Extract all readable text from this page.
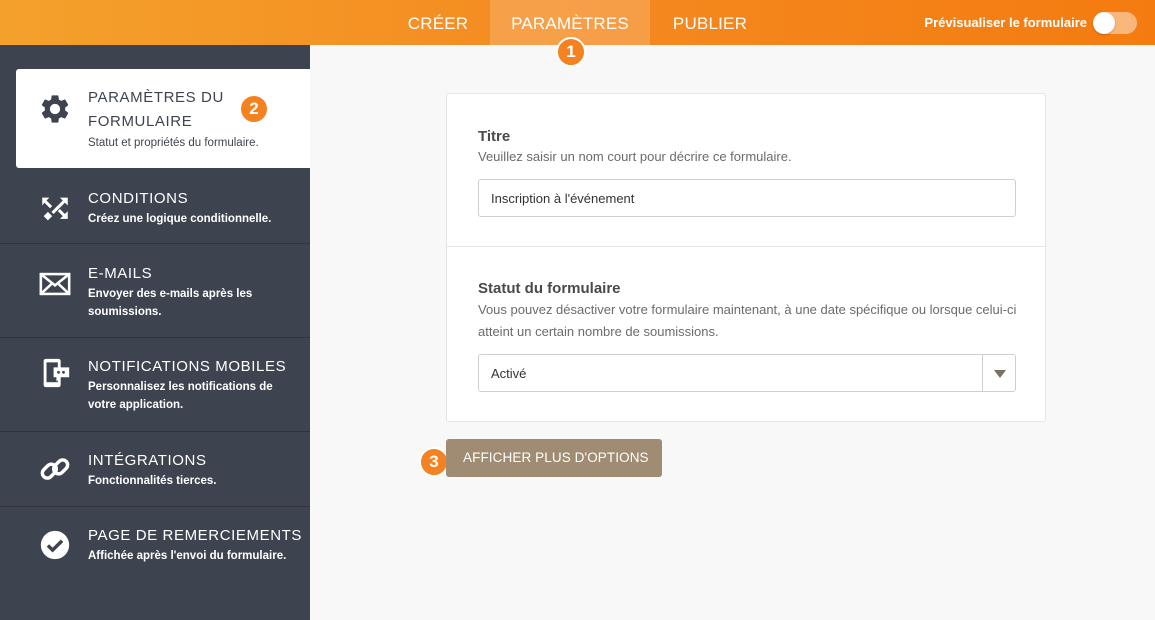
CRÉER	PARAMÈTRES	PUBLIER	Prévisualiser le formulaire
PARAMÈTRES DU
FORMULAIRE
Statut et propriétés du formulaire.
CONDITIONS
Créez une logique conditionnelle.
E-MAILS
Envoyer des e-mails après les
soumissions.
NOTIFICATIONS MOBILES
Personnalisez les notifications de
votre application.
INTÉGRATIONS
Fonctionnalités tierces.
PAGE DE REMERCIEMENTS
Affichée après l'envoi du formulaire.
1
2
3
Titre
Veuillez saisir un nom court pour décrire ce formulaire.
Inscription à l'événement
Statut du formulaire
Vous pouvez désactiver votre formulaire maintenant, à une date spécifique ou lorsque celui-ci atteint un certain nombre de soumissions.
Activé
AFFICHER PLUS D'OPTIONS
